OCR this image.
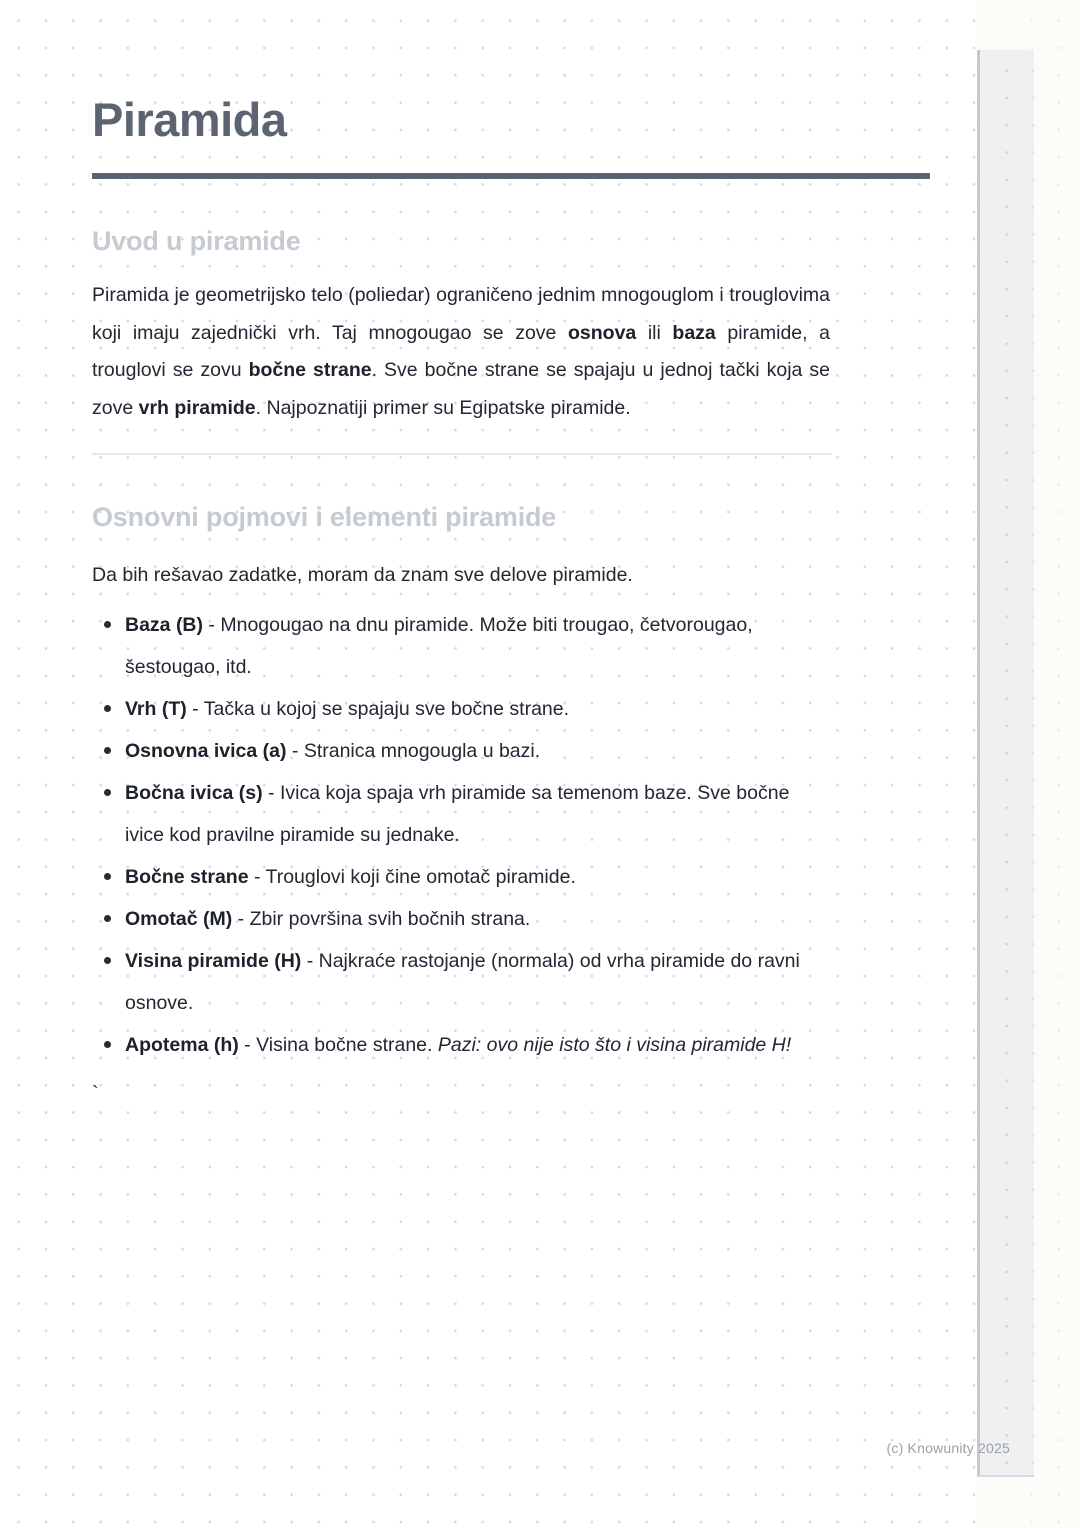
Piramida
Uvod u piramide

Piramida je geometrijsko telo (poliedar) ograničeno jednim mnogouglom i trouglovima koji imaju zajednički vrh. Taj mnogougao se zove osnova ili baza piramide, a trouglovi se zovu bočne strane. Sve bočne strane se spajaju u jednoj tački koja se zove vrh piramide. Najpoznatiji primer su Egipatske piramide.

Osnovni pojmovi i elementi piramide

Da bih rešavao zadatke, moram da znam sve delove piramide.

Baza (B) - Mnogougao na dnu piramide. Može biti trougao, četvorougao, šestougao, itd.
Vrh (T) - Tačka u kojoj se spajaju sve bočne strane.
Osnovna ivica (a) - Stranica mnogougla u bazi.
Bočna ivica (s) - Ivica koja spaja vrh piramide sa temenom baze. Sve bočne ivice kod pravilne piramide su jednake.
Bočne strane - Trouglovi koji čine omotač piramide.
Omotač (M) - Zbir površina svih bočnih strana.
Visina piramide (H) - Najkraće rastojanje (normala) od vrha piramide do ravni osnove.
Apotema (h) - Visina bočne strane. Pazi: ovo nije isto što i visina piramide H!
`
(c) Knowunity 2025
